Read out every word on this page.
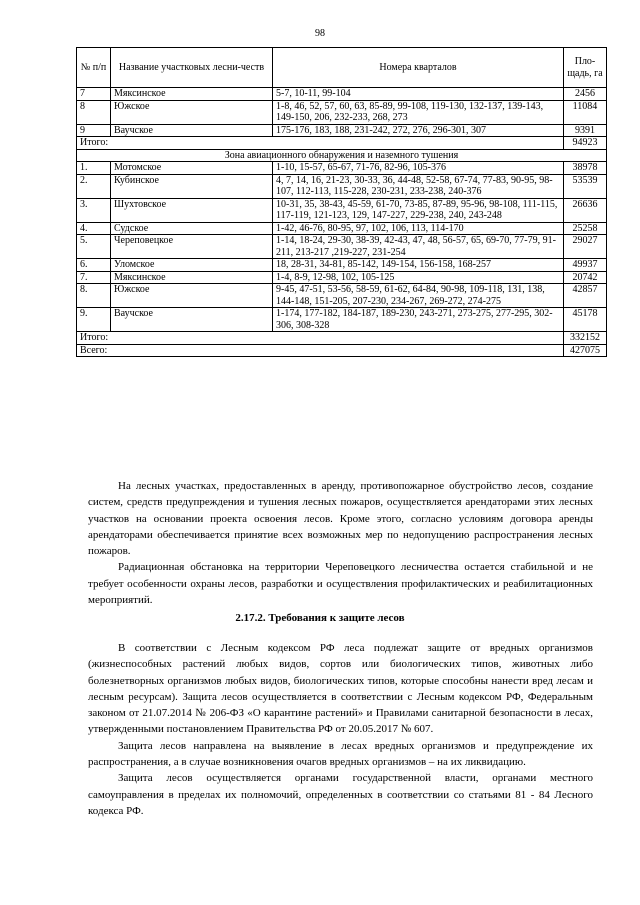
98
№ п/п	Название участковых лесни-честв	Номера кварталов	Пло-щадь, га
7	Мяксинское	5-7, 10-11, 99-104	2456
8	Южское	1-8, 46, 52, 57, 60, 63, 85-89, 99-108, 119-130, 132-137, 139-143, 149-150, 206, 232-233, 268, 273	11084
9	Ваучское	175-176, 183, 188, 231-242, 272, 276, 296-301, 307	9391
Итого:			94923
Зона авиационного обнаружения и наземного тушения			
1.	Мотомское	1-10, 15-57, 65-67, 71-76, 82-96, 105-376	38978
2.	Кубинское	4, 7, 14, 16, 21-23, 30-33, 36, 44-48, 52-58, 67-74, 77-83, 90-95, 98-107, 112-113, 115-228, 230-231, 233-238, 240-376	53539
3.	Шухтовское	10-31, 35, 38-43, 45-59, 61-70, 73-85, 87-89, 95-96, 98-108, 111-115, 117-119, 121-123, 129, 147-227, 229-238, 240, 243-248	26636
4.	Судское	1-42, 46-76, 80-95, 97, 102, 106, 113, 114-170	25258
5.	Череповецкое	1-14, 18-24, 29-30, 38-39, 42-43, 47, 48, 56-57, 65, 69-70, 77-79, 91-211, 213-217 ,219-227, 231-254	29027
6.	Уломское	18, 28-31, 34-81, 85-142, 149-154, 156-158, 168-257	49937
7.	Мяксинское	1-4, 8-9, 12-98, 102, 105-125	20742
8.	Южское	9-45, 47-51, 53-56, 58-59, 61-62, 64-84, 90-98, 109-118, 131, 138, 144-148, 151-205, 207-230, 234-267, 269-272, 274-275	42857
9.	Ваучское	1-174, 177-182, 184-187, 189-230, 243-271, 273-275, 277-295, 302-306, 308-328	45178
Итого:			332152
Всего:			427075

На лесных участках, предоставленных в аренду, противопожарное обустройство лесов, создание систем, средств предупреждения и тушения лесных пожаров, осуществляется арендаторами этих лесных участков на основании проекта освоения лесов. Кроме этого, согласно условиям договора аренды арендаторами обеспечивается принятие всех возможных мер по недопущению распространения лесных пожаров.

Радиационная обстановка на территории Череповецкого лесничества остается стабильной и не требует особенности охраны лесов, разработки и осуществления профилактических и реабилитационных мероприятий.

2.17.2. Требования к защите лесов

В соответствии с Лесным кодексом РФ леса подлежат защите от вредных организмов (жизнеспособных растений любых видов, сортов или биологических типов, животных либо болезнетворных организмов любых видов, биологических типов, которые способны нанести вред лесам и лесным ресурсам). Защита лесов осуществляется в соответствии с Лесным кодексом РФ, Федеральным законом от 21.07.2014 № 206-ФЗ «О карантине растений» и Правилами санитарной безопасности в лесах, утвержденными постановлением Правительства РФ от 20.05.2017 № 607.

Защита лесов направлена на выявление в лесах вредных организмов и предупреждение их распространения, а в случае возникновения очагов вредных организмов – на их ликвидацию.

Защита лесов осуществляется органами государственной власти, органами местного самоуправления в пределах их полномочий, определенных в соответствии со статьями 81 - 84 Лесного кодекса РФ.
